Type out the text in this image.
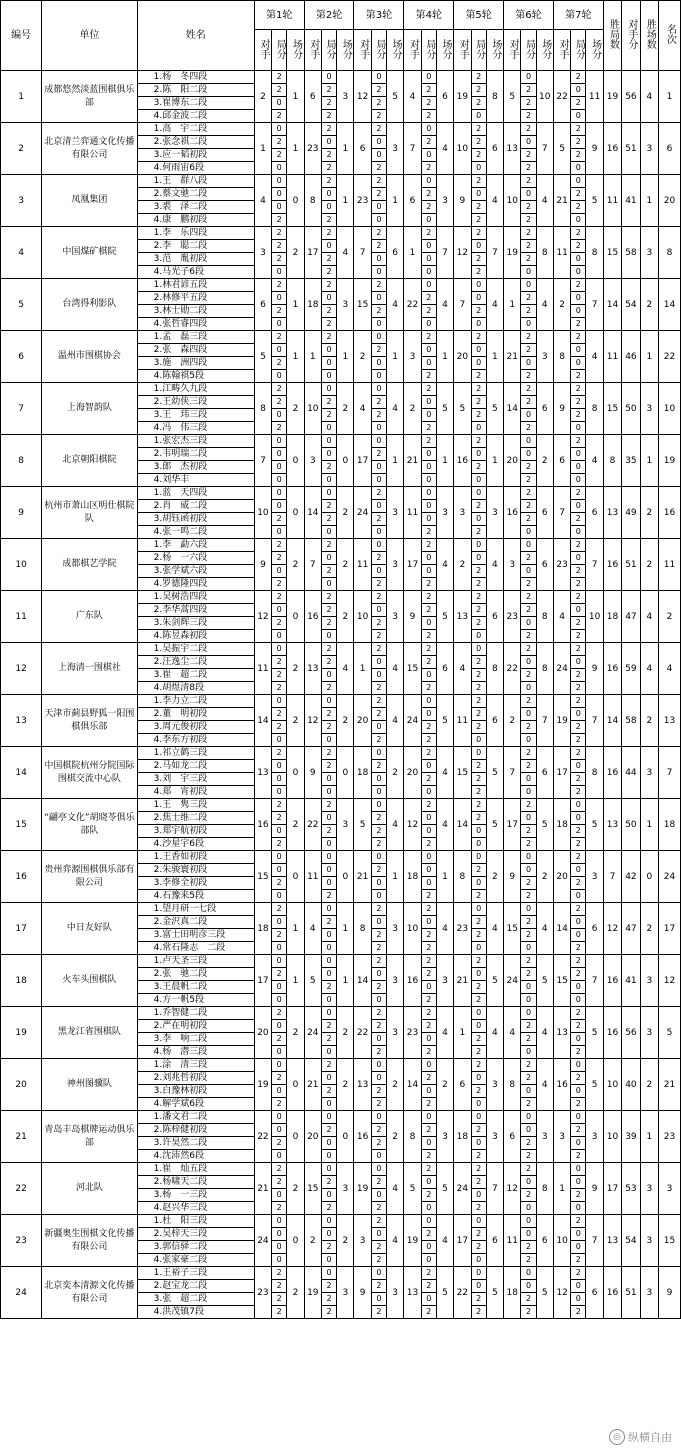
编号	单位	姓名	第1轮			第2轮			第3轮			第4轮			第5轮			第6轮			第7轮			胜局数	对手分	胜场数	名次
			对手	局分	场分	对手	局分	场分	对手	局分	场分	对手	局分	场分	对手	局分	场分	对手	局分	场分	对手	局分	场分				
1	成都悠然淡蓝围棋俱乐部	1.杨　冬四段	2	2	1	6	0	3	12	0	5	4	0	6	19	2	8	5	0	10	22	2	11	19	56	4	1
		2.陈　阳二段		2			2			2			2			2			2			0					
		3.崔博东二段		0			2			2			2			2			2			2					
		4.邱金波二段		2			2			2			2			0			2			0					
2	北京清兰弈通文化传播有限公司	1.高　宇二段	1	0	1	23	2	1	6	2	3	7	0	4	10	2	6	13	2	7	5	2	9	16	51	3	6
		2.张念祺二段		2			0			0			2			2			0			2					
		3.应一韬初段		2			2			0			0			2			2			2					
		4.何雨宙6段		0			2			2			2			0			2			0					
3	凤凰集团	1.王　群八段	4	0	0	8	2	1	23	2	1	6	0	3	9	2	4	10	2	4	21	0	5	11	41	1	20
		2.蔡文驰二段		0			0			2			2			0			0			2					
		3.裘　泽二段		0			0			0			2			2			2			2					
		4.康　鹏初段		2			2			0			0			2			2			0					
4	中国煤矿棋院	1.李　乐四段	3	2	2	17	2	4	7	2	6	1	2	7	12	2	7	19	2	8	11	2	8	15	58	3	8
		2.李　聪二段		2			0			2			0			0			2			2					
		3.范　胤初段		2			2			0			0			2			2			0					
		4.马光子6段		0			2			0			0			2			0			0					
5	台湾得利影队	1.林君谚五段	6	2	1	18	2	3	15	2	4	22	0	4	7	0	4	1	0	4	2	2	7	14	54	2	14
		2.林修平五段		0			0			0			2			0			2			0					
		3.林士勋二段		2			2			2			2			2			2			0					
		4.张哲睿四段		0			2			0			0			0			0			2					
6	温州市围棋协会	1.孟　磊三段	5	2	1	1	2	1	2	0	1	3	2	1	20	2	1	21	2	3	8	2	4	11	46	1	22
		2.张　森四段		0			0			2			0			0			2			0					
		3.施　洲四段		2			0			0			0			0			0			0					
		4.陈翰祺5段		0			0			0			2			2			2			2					
7	上海智韵队	1.江畴久九段	8	2	2	10	0	2	4	0	4	2	2	5	5	2	5	14	2	6	9	2	8	15	50	3	10
		2.王幼侠三段		2			2			2			0			2			2			2					
		3.王　玮三段		0			2			2			0			2			0			2					
		4.冯　伟三段		2			0			0			2			0			2			0					
8	北京朝阳棋院	1.张宏杰三段	7	0	0	3	0	0	17	0	1	21	2	1	16	2	1	20	0	2	6	2	4	8	35	1	19
		2.韦明瑞二段		0			0			2			0			0			0			0					
		3.郎　杰初段		0			2			0			0			2			2			0					
		4.刘华丰		0			0			0			0			0			2			0					
9	杭州市萧山区明仕棋院队	1.蓝　天四段	10	0	0	14	0	2	24	2	3	11	0	3	3	0	3	16	2	6	7	2	6	13	49	2	16
		2.肖　威二段		0			2			0			0			2			2			0					
		3.胡钰函初段		2			2			2			0			0			2			2					
		4.张一鸣二段		0			0			0			2			2			0			0					
10	成都棋艺学院	1.李　勐六段	9	2	2	7	2	2	11	0	3	17	2	4	2	0	4	3	0	6	23	2	7	16	51	2	11
		2.杨　一六段		2			0			2			0			0			2			0					
		3.张学斌六段		0			2			0			0			2			0			2					
		4.罗德隆四段		2			0			2			2			2			2			2					
11	广东队	1.吴树浩四段	12	2	0	16	2	2	10	2	3	9	2	5	13	2	6	23	2	8	4	2	10	18	47	4	2
		2.李华蒿四段		0			2			0			2			2			2			0					
		3.朱剑辉三段		2			2			2			0			2			0			2					
		4.陈昱森初段		0			0			2			2			0			2			2					
12	上海清一围棋社	1.吴振宇二段	11	0	2	13	2	4	1	2	4	15	2	6	4	0	8	22	2	8	24	2	9	16	59	4	4
		2.汪逸尘二段		2			2			0			2			2			0			0					
		3.崔　超二段		2			0			0			0			2			2			2					
		4.胡煜清8段		2			2			2			2			2			0			2					
13	天津市蓟县野狐一阳围棋俱乐部	1.李力立二段	14	0	2	12	0	2	20	2	4	24	0	5	11	2	6	2	2	7	19	2	7	14	58	2	13
		2.董　明初段		2			2			2			0			2			0			0					
		3.周元俊初段		2			2			0			2			2			2			2					
		4.李东方初段		0			0			2			2			0			0			2					
14	中国棋院杭州分院国际围棋交流中心队	1.祁立鹤三段	13	2	0	9	2	0	18	0	2	20	2	4	15	0	5	7	2	6	17	2	8	16	44	3	7
		2.马如龙二段		0			2			2			0			2			2			0					
		3.刘　宇三段		0			0			0			2			2			0			2					
		4.郑　宵初段		0			0			0			0			2			0			2					
15	“翩亭文化”胡晓苓俱乐部队	1.王　隽三段	16	2	2	22	2	3	5	0	4	12	2	4	14	2	5	17	2	5	18	0	5	13	50	1	18
		2.焦士维二段		2			0			2			0			2			0			0					
		3.郑宇航初段		0			2			2			0			0			2			2					
		4.沙星宇6段		2			0			2			2			0			2			2					
16	贵州弈源围棋俱乐部有限公司	1.王香如初段	15	0	0	11	0	0	21	0	1	18	0	1	8	0	2	9	0	2	20	2	3	7	42	0	24
		2.朱骏寰初段		0			0			2			0			2			0			0					
		3.李修全初段		2			0			0			0			0			2			2					
		4.石豫来5段		0			2			0			2			2			2			0					
17	中日友好队	1.望月研一七段	18	2	1	4	0	1	8	2	3	10	2	4	23	0	4	15	0	4	14	2	6	12	47	2	17
		2.金沢真二段		0			2			0			0			2			2			0					
		3.富士田明彦三段		2			0			2			2			2			2			0					
		4.常石隆志　二段		0			0			2			2			0			0			2					
18	火车头围棋队	1.卢天圣三段	17	0	1	5	0	1	14	2	3	16	2	3	21	2	5	24	2	5	15	2	7	16	41	3	12
		2.张　驰二段		2			0			0			2			0			2			2					
		3.王晨帆二段		0			2			2			0			2			0			0					
		4.方一帆5段		0			0			0			2			2			0			0					
19	黑龙江省围棋队	1.乔智健二段	20	2	2	24	0	2	22	2	3	23	2	4	1	0	4	4	0	4	13	2	5	16	56	3	5
		2.严在明初段		0			2			2			2			0			2			2					
		3.李　响二段		2			2			0			0			2			2			0					
		4.杨　潜三段		0			0			2			2			2			0			2					
20	神州图骥队	1.涂　清三段	19	0	0	21	2	2	13	0	2	14	0	2	6	2	3	8	2	4	16	0	5	10	40	2	21
		2.刘兆哲初段		2			0			0			2			0			2			2					
		3.白豫林初段		0			2			2			0			2			0			0					
		4.解学斌6段		2			0			2			2			0			2			2					
21	青岛丰岛棋牌运动俱乐部	1.潘文君二段	22	0	0	20	0	0	16	0	2	8	0	3	18	0	3	6	0	3	3	0	3	10	39	1	23
		2.陈梓健初段		0			2			2			2			2			0			2					
		3.许昊然二段		2			0			2			0			0			2			0					
		4.沈沛然6段		0			0			0			2			2			2			2					
22	河北队	1.崔　灿五段	21	2	2	15	0	3	19	0	4	5	2	5	24	2	7	12	2	8	1	0	9	17	53	3	3
		2.杨啸天二段		2			2			2			0			2			0			0					
		3.杨　一三段		0			0			0			2			0			2			2					
		4.赵兴华三段		2			2			2			0			2			0			0					
23	新疆奥生围棋文化传播有限公司	1.杜　阳三段	24	0	0	2	0	2	3	2	4	19	0	4	17	0	6	11	0	6	10	2	7	13	54	3	15
		2.吴梓天三段		0			0			0			2			2			0			0					
		3.郭信驿二段		0			2			2			0			2			2			0					
		4.张家豪二段		0			0			2			0			0			2			2					
24	北京奕本清源文化传播有限公司	1.王裕子三段	23	2	2	19	0	3	9	0	3	13	2	5	22	0	5	18	0	5	12	2	6	16	51	3	9
		2.赵宝龙二段		2			2			2			2			0			0			0					
		3.张　超二段		2			2			0			0			2			2			0					
		4.洪茂镇7段		2			2			2			2			2			2			2					
◎ 纵横自由
